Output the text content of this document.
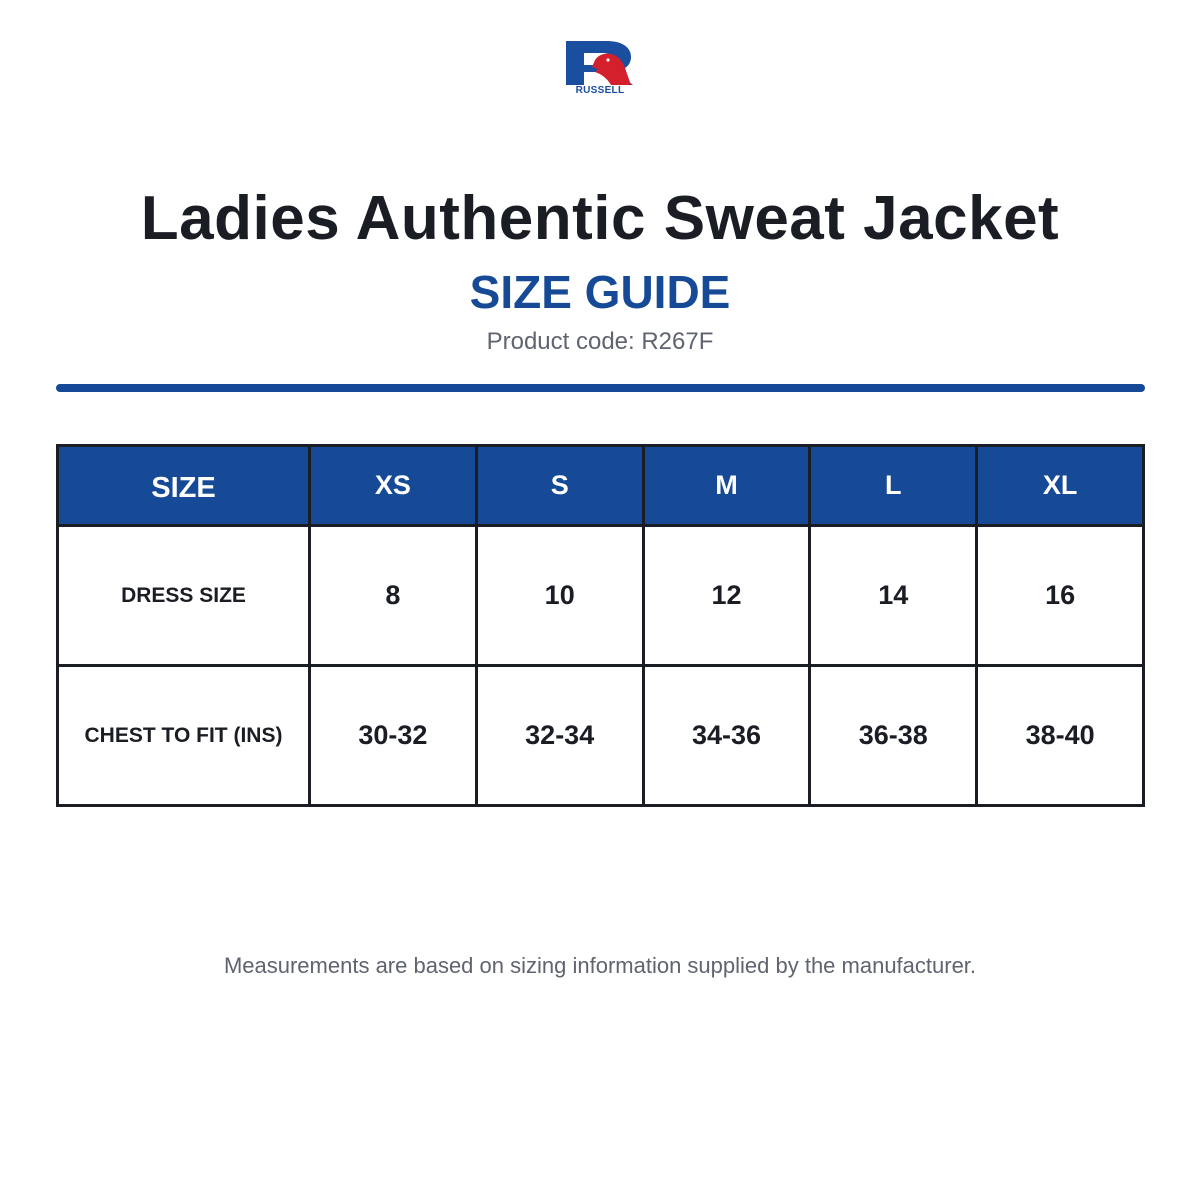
RUSSELL
Ladies Authentic Sweat Jacket
SIZE GUIDE
Product code: R267F
SIZE	XS	S	M	L	XL
DRESS SIZE	8	10	12	14	16
CHEST TO FIT (INS)	30-32	32-34	34-36	36-38	38-40
Measurements are based on sizing information supplied by the manufacturer.
